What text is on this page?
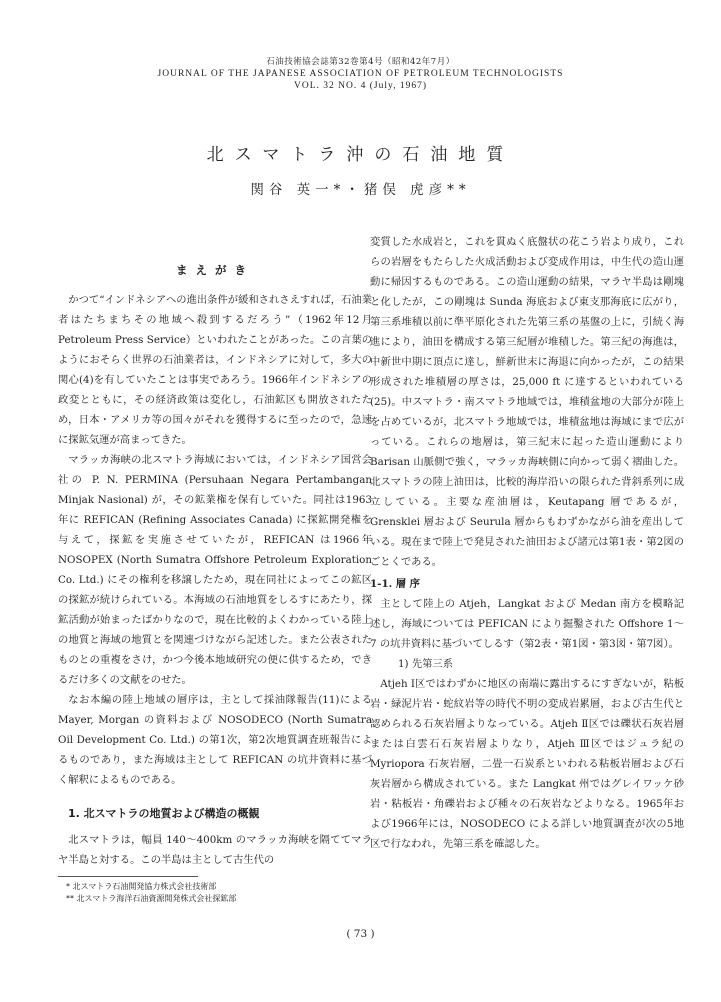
石油技術協会誌第32巻第4号（昭和42年7月）
JOURNAL OF THE JAPANESE ASSOCIATION OF PETROLEUM TECHNOLOGISTS
VOL. 32 NO. 4 (July, 1967)
北スマトラ沖の石油地質
関谷 英一*・猪俣 虎彦**
まえがき

かつて“インドネシアへの進出条件が緩和されさえすれば，石油業者はたちまちその地域へ殺到するだろう”（1962年12月 Petroleum Press Service）といわれたことがあった。この言葉のようにおそらく世界の石油業者は，インドネシアに対して，多大の関心(4)を有していたことは事実であろう。1966年インドネシアの政変とともに，その経済政策は変化し，石油鉱区も開放されたため，日本・アメリカ等の国々がそれを獲得するに至ったので，急速に探鉱気運が高まってきた。

マラッカ海峡の北スマトラ海域においては，インドネシア国営会社の P. N. PERMINA (Persuhaan Negara Pertambangan Minjak Nasional) が，その鉱業権を保有していた。同社は1963年に REFICAN (Refining Associates Canada) に探鉱開発権を与えて，探鉱を実施させていたが，REFICAN は1966年 NOSOPEX (North Sumatra Offshore Petroleum Exploration Co. Ltd.) にその権利を移譲したため，現在同社によってこの鉱区の探鉱が続けられている。本海域の石油地質をしるすにあたり，探鉱活動が始まったばかりなので，現在比較的よくわかっている陸上の地質と海域の地質とを関連づけながら記述した。また公表されたものとの重複をさけ，かつ今後本地域研究の便に供するため，できるだけ多くの文献をのせた。

なお本編の陸上地域の層序は，主として採油隊報告(11)による Mayer, Morgan の資料および NOSODECO (North Sumatra Oil Development Co. Ltd.) の第1次，第2次地質調査班報告によるものであり，また海域は主として REFICAN の坑井資料に基づく解釈によるものである。

1. 北スマトラの地質および構造の概観

北スマトラは，幅員 140〜400km のマラッカ海峡を隔ててマラヤ半島と対する。この半島は主として古生代の

* 北スマトラ石油開発協力株式会社技術部
** 北スマトラ海洋石油資源開発株式会社探鉱部

変質した水成岩と，これを貫ぬく底盤状の花こう岩より成り，これらの岩層をもたらした火成活動および変成作用は，中生代の造山運動に帰因するものである。この造山運動の結果，マラヤ半島は剛塊と化したが，この剛塊は Sunda 海底および東支那海底に広がり，第三系堆積以前に準平原化された先第三系の基盤の上に，引続く海進により，油田を構成する第三紀層が堆積した。第三紀の海進は，中新世中期に頂点に達し，鮮新世末に海退に向かったが，この結果形成された堆積層の厚さは，25,000 ft に達するといわれている(25)。中スマトラ・南スマトラ地域では，堆積盆地の大部分が陸上を占めているが，北スマトラ地域では，堆積盆地は海域にまで広がっている。これらの地層は，第三紀末に起った造山運動により Barisan 山脈側で強く，マラッカ海峡側に向かって弱く褶曲した。北スマトラの陸上油田は，比較的海岸沿いの限られた背斜系列に成立している。主要な産油層は，Keutapang 層であるが，Grensklei 層および Seurula 層からもわずかながら油を産出している。現在まで陸上で発見された油田および諸元は第1表・第2図のごとくである。

1-1. 層 序

主として陸上の Atjeh，Langkat および Medan 南方を模略記述し，海域については PEFICAN により掘鑿された Offshore 1〜7 の坑井資料に基づいてしるす（第2表・第1図・第3図・第7図）。

1) 先第三系

Atjeh Ⅰ区ではわずかに地区の南端に露出するにすぎないが，粘板岩・緑泥片岩・蛇紋岩等の時代不明の変成岩累層，および古生代と認められる石灰岩層よりなっている。Atjeh Ⅱ区では礫状石灰岩層または白雲石石灰岩層よりなり，Atjeh Ⅲ区ではジュラ紀の Myriopora 石灰岩層，二畳一石炭系といわれる粘板岩層および石灰岩層から構成されている。また Langkat 州ではグレイワッケ砂岩・粘板岩・角礫岩および種々の石灰岩などよりなる。1965年および1966年には，NOSODECO による詳しい地質調査が次の5地区で行なわれ，先第三系を確認した。

( 73 )
